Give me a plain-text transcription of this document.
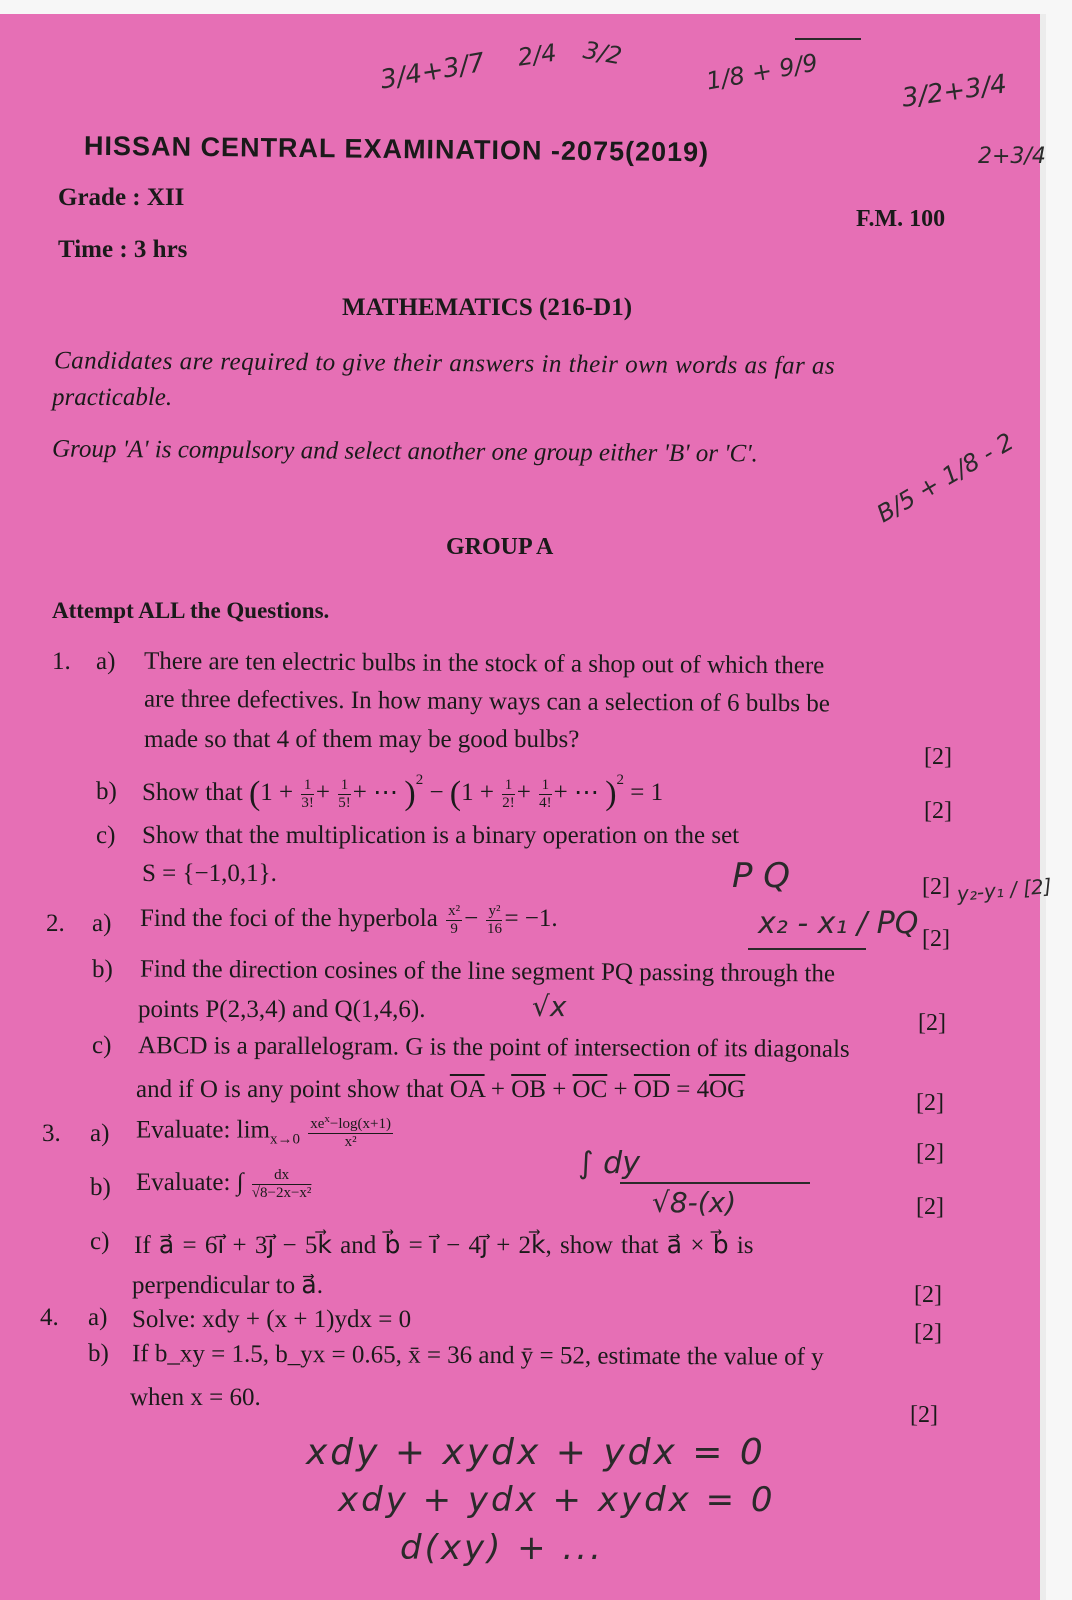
3/4+3/7 2/4 3/2	1/8 + 9/9	3/2+3/4
2+3/4
HISSAN CENTRAL EXAMINATION -2075(2019)
Grade : XII
F.M. 100
Time : 3 hrs
MATHEMATICS (216-D1)
Candidates are required to give their answers in their own words as far as
practicable.
Group 'A' is compulsory and select another one group either 'B' or 'C'.
GROUP A
B/5 + 1/8 - 2
Attempt ALL the Questions.
1. a) There are ten electric bulbs in the stock of a shop out of which there
are three defectives. In how many ways can a selection of 6 bulbs be
made so that 4 of them may be good bulbs?
[2]
b) Show that ($1 + \frac{1}{3!} + \frac{1}{5!}$ + ⋯ )$^2 - (1 + \frac{1}{2!} + \frac{1}{4!}$ + ⋯ )$^2$ = 1
[2]
c) Show that the multiplication is a binary operation on the set
S = {−1,0,1}.	[2]
P Q	y₂-y₁ / [2]
2. a) Find the foci of the hyperbola $\frac{\text{x²}}{9} - \frac{\text{y²}}{16} = -1$.
[2]
x₂ - x₁ / PQ
b) Find the direction cosines of the line segment PQ passing through the
points P(2,3,4) and Q(1,4,6).	[2]
√x
c) ABCD is a parallelogram. G is the point of intersection of its diagonals
and if O is any point show that $\overline{OA} + \overline{OB} + \overline{OC} + \overline{OD} = 4\overline{OG}$	[2]
3. a) Evaluate: $\lim_{x\to 0} \frac{xe^x-\log(x+1)}{\text{x²}}$
[2]
b) Evaluate: ∫ $\frac{dx}{\text{√8−2x−x²}}$
[2]
∫ dy
√8-(x)
c) If a⃗ = 6i⃗ + 3j⃗ − 5k⃗ and b⃗ = i⃗ − 4j⃗ + 2k⃗, show that a⃗ × b⃗ is
perpendicular to a⃗.	[2]
4. a) Solve: xdy + (x + 1)ydx = 0	[2]
b) If b_xy = 1.5, b_yx = 0.65, x̄ = 36 and ȳ = 52, estimate the value of y
when x = 60.
[2]
xdy + xydx + ydx = 0
xdy + ydx + xydx = 0
d(xy) + ...
